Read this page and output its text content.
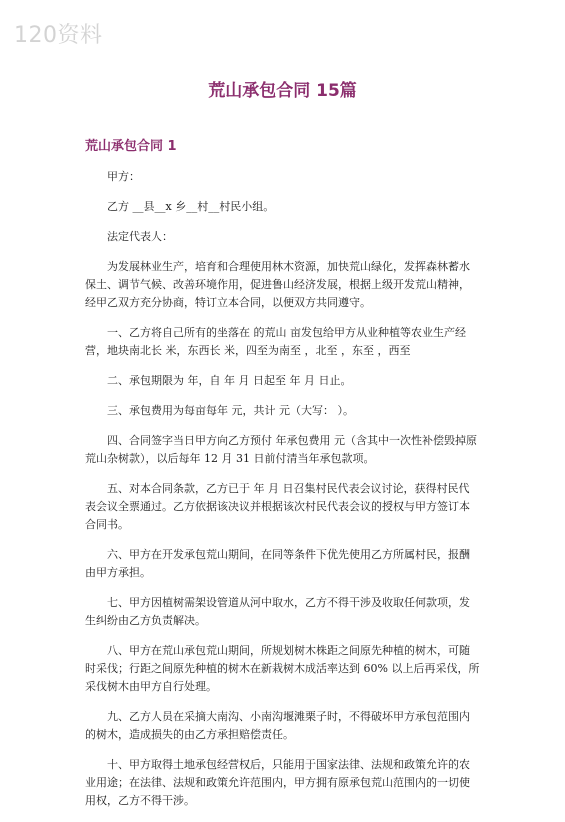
120资料
荒山承包合同 15篇
荒山承包合同 1

甲方：

乙方 __县__x 乡__村__村民小组。

法定代表人：

为发展林业生产，培育和合理使用林木资源，加快荒山绿化，发挥森林蓄水保土、调节气候、改善环境作用，促进鲁山经济发展，根据上级开发荒山精神，经甲乙双方充分协商，特订立本合同，以便双方共同遵守。

一、乙方将自己所有的坐落在 的荒山 亩发包给甲方从业种植等农业生产经营，地块南北长 米，东西长 米，四至为南至 ，北至 ，东至 ，西至

二、承包期限为 年，自 年 月 日起至 年 月 日止。

三、承包费用为每亩每年 元，共计 元（大写： ）。

四、合同签字当日甲方向乙方预付 年承包费用 元（含其中一次性补偿毁掉原荒山杂树款），以后每年 12 月 31 日前付清当年承包款项。

五、对本合同条款，乙方已于 年 月 日召集村民代表会议讨论，获得村民代表会议全票通过。乙方依据该决议并根据该次村民代表会议的授权与甲方签订本合同书。

六、甲方在开发承包荒山期间，在同等条件下优先使用乙方所属村民，报酬由甲方承担。

七、甲方因植树需架设管道从河中取水，乙方不得干涉及收取任何款项，发生纠纷由乙方负责解决。

八、甲方在荒山承包荒山期间，所规划树木株距之间原先种植的树木，可随时采伐；行距之间原先种植的树木在新栽树木成活率达到 60% 以上后再采伐，所采伐树木由甲方自行处理。

九、乙方人员在采摘大南沟、小南沟堰滩栗子时，不得破坏甲方承包范围内的树木，造成损失的由乙方承担赔偿责任。

十、甲方取得土地承包经营权后，只能用于国家法律、法规和政策允许的农业用途；在法律、法规和政策允许范围内，甲方拥有原承包荒山范围内的一切使用权，乙方不得干涉。
